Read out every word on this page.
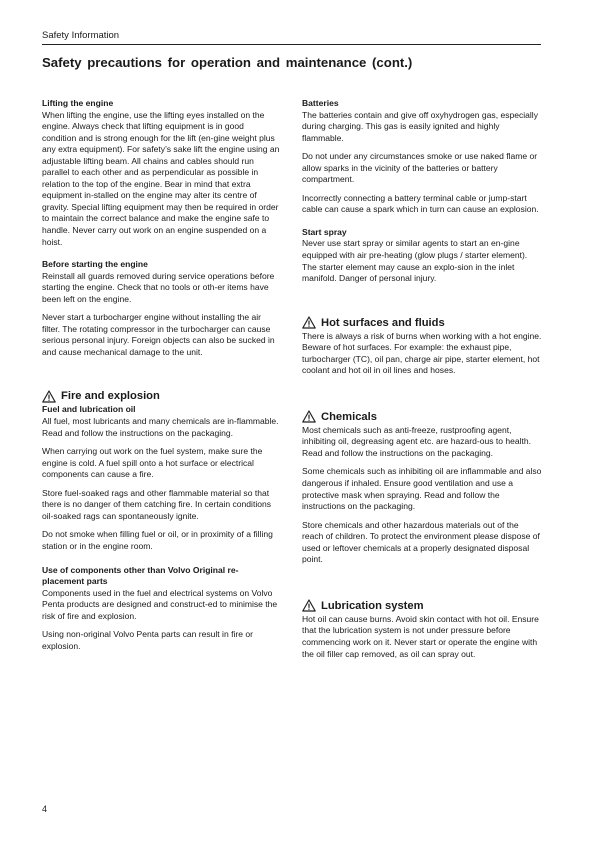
Safety Information
Safety precautions for operation and maintenance (cont.)
Lifting the engine

When lifting the engine, use the lifting eyes installed on the engine. Always check that lifting equipment is in good condition and is strong enough for the lift (en-gine weight plus any extra equipment). For safety’s sake lift the engine using an adjustable lifting beam. All chains and cables should run parallel to each other and as perpendicular as possible in relation to the top of the engine. Bear in mind that extra equipment in-stalled on the engine may alter its centre of gravity. Special lifting equipment may then be required in order to maintain the correct balance and make the engine safe to handle. Never carry out work on an engine suspended on a hoist.

Before starting the engine

Reinstall all guards removed during service operations before starting the engine. Check that no tools or oth-er items have been left on the engine.

Never start a turbocharger engine without installing the air filter. The rotating compressor in the turbocharger can cause serious personal injury. Foreign objects can also be sucked in and cause mechanical damage to the unit.

Fire and explosion
Fuel and lubrication oil

All fuel, most lubricants and many chemicals are in-flammable. Read and follow the instructions on the packaging.

When carrying out work on the fuel system, make sure the engine is cold. A fuel spill onto a hot surface or electrical components can cause a fire.

Store fuel-soaked rags and other flammable material so that there is no danger of them catching fire. In certain conditions oil-soaked rags can spontaneously ignite.

Do not smoke when filling fuel or oil, or in proximity of a filling station or in the engine room.

Use of components other than Volvo Original re-placement parts

Components used in the fuel and electrical systems on Volvo Penta products are designed and construct-ed to minimise the risk of fire and explosion.

Using non-original Volvo Penta parts can result in fire or explosion.

Batteries

The batteries contain and give off oxyhydrogen gas, especially during charging. This gas is easily ignited and highly flammable.

Do not under any circumstances smoke or use naked flame or allow sparks in the vicinity of the batteries or battery compartment.

Incorrectly connecting a battery terminal cable or jump-start cable can cause a spark which in turn can cause an explosion.

Start spray

Never use start spray or similar agents to start an en-gine equipped with air pre-heating (glow plugs / starter element). The starter element may cause an explo-sion in the inlet manifold. Danger of personal injury.

Hot surfaces and fluids

There is always a risk of burns when working with a hot engine. Beware of hot surfaces. For example: the exhaust pipe, turbocharger (TC), oil pan, charge air pipe, starter element, hot coolant and hot oil in oil lines and hoses.

Chemicals

Most chemicals such as anti-freeze, rustproofing agent, inhibiting oil, degreasing agent etc. are hazard-ous to health. Read and follow the instructions on the packaging.

Some chemicals such as inhibiting oil are inflammable and also dangerous if inhaled. Ensure good ventilation and use a protective mask when spraying. Read and follow the instructions on the packaging.

Store chemicals and other hazardous materials out of the reach of children. To protect the environment please dispose of used or leftover chemicals at a properly designated disposal point.

Lubrication system

Hot oil can cause burns. Avoid skin contact with hot oil. Ensure that the lubrication system is not under pressure before commencing work on it. Never start or operate the engine with the oil filler cap removed, as oil can spray out.

4
